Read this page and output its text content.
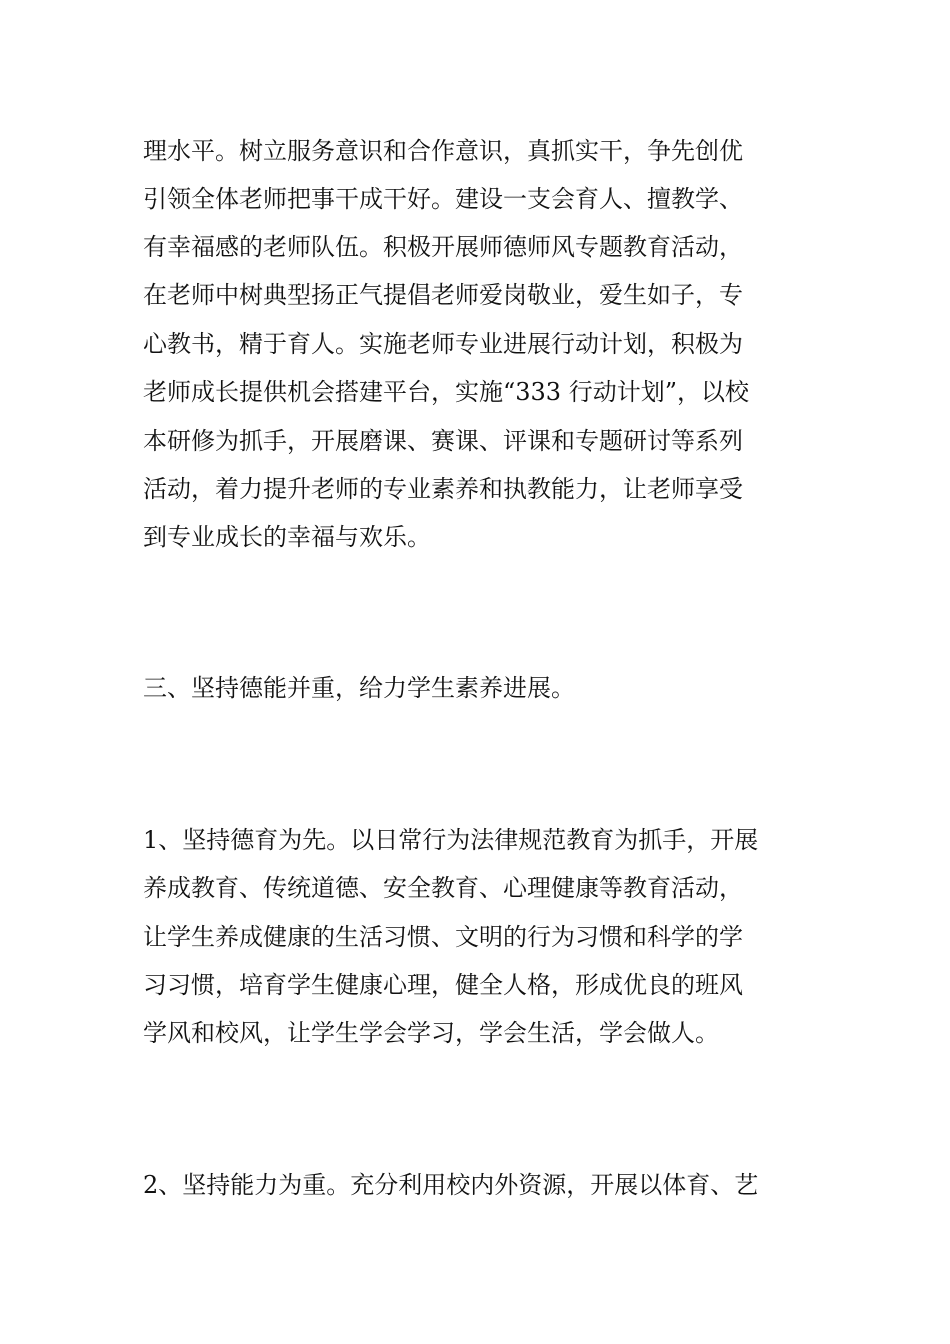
理水平。树立服务意识和合作意识，真抓实干，争先创优
引领全体老师把事干成干好。建设一支会育人、擅教学、
有幸福感的老师队伍。积极开展师德师风专题教育活动，
在老师中树典型扬正气提倡老师爱岗敬业，爱生如子，专
心教书，精于育人。实施老师专业进展行动计划，积极为
老师成长提供机会搭建平台，实施“333 行动计划”，以校
本研修为抓手，开展磨课、赛课、评课和专题研讨等系列
活动，着力提升老师的专业素养和执教能力，让老师享受
到专业成长的幸福与欢乐。
三、坚持德能并重，给力学生素养进展。
1、坚持德育为先。以日常行为法律规范教育为抓手，开展
养成教育、传统道德、安全教育、心理健康等教育活动，
让学生养成健康的生活习惯、文明的行为习惯和科学的学
习习惯，培育学生健康心理，健全人格，形成优良的班风
学风和校风，让学生学会学习，学会生活，学会做人。
2、坚持能力为重。充分利用校内外资源，开展以体育、艺
